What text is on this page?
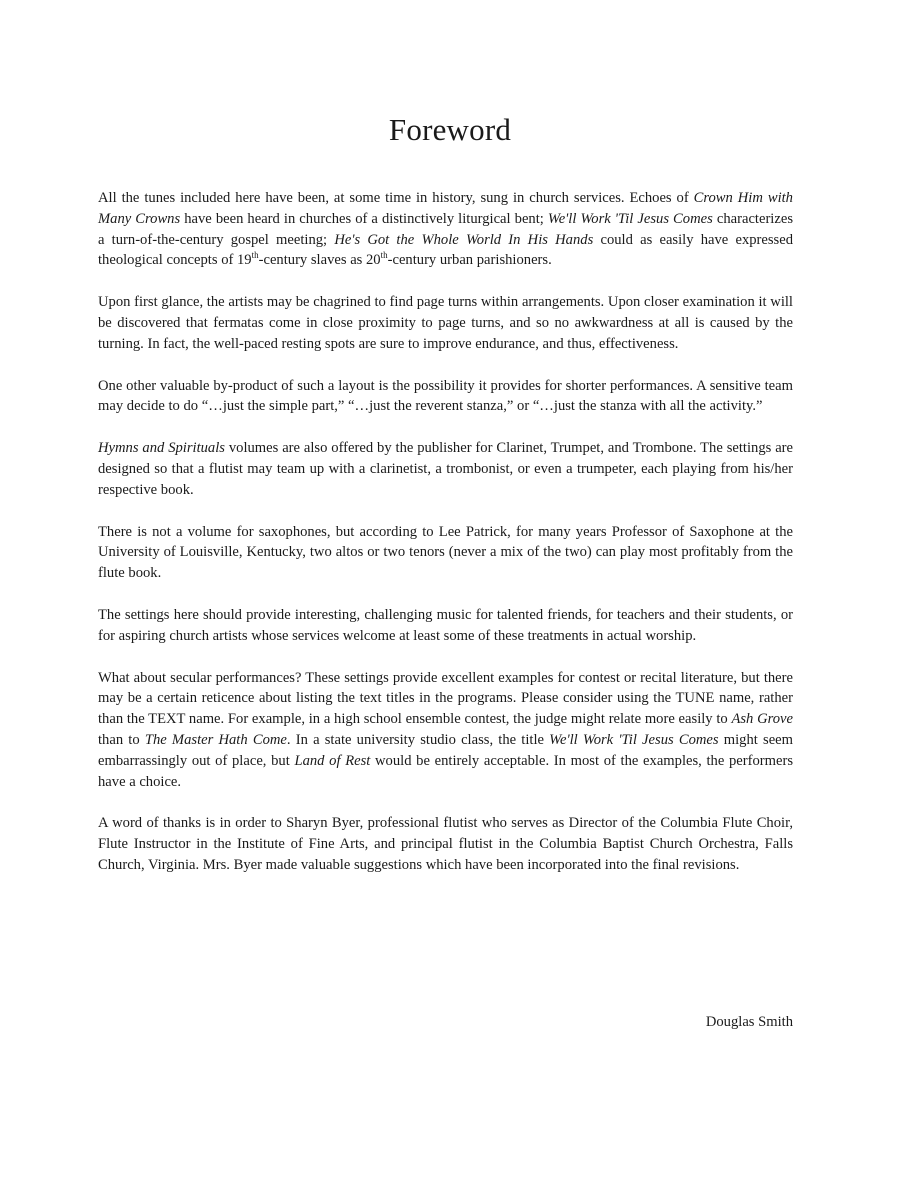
Foreword

All the tunes included here have been, at some time in history, sung in church services. Echoes of Crown Him with Many Crowns have been heard in churches of a distinctively liturgical bent; We'll Work 'Til Jesus Comes characterizes a turn-of-the-century gospel meeting; He's Got the Whole World In His Hands could as easily have expressed theological concepts of 19th-century slaves as 20th-century urban parishioners.

Upon first glance, the artists may be chagrined to find page turns within arrangements. Upon closer examination it will be discovered that fermatas come in close proximity to page turns, and so no awkwardness at all is caused by the turning. In fact, the well-paced resting spots are sure to improve endurance, and thus, effectiveness.

One other valuable by-product of such a layout is the possibility it provides for shorter performances. A sensitive team may decide to do “…just the simple part,” “…just the reverent stanza,” or “…just the stanza with all the activity.”

Hymns and Spirituals volumes are also offered by the publisher for Clarinet, Trumpet, and Trombone. The settings are designed so that a flutist may team up with a clarinetist, a trombonist, or even a trumpeter, each playing from his/her respective book.

There is not a volume for saxophones, but according to Lee Patrick, for many years Professor of Saxophone at the University of Louisville, Kentucky, two altos or two tenors (never a mix of the two) can play most profitably from the flute book.

The settings here should provide interesting, challenging music for talented friends, for teachers and their students, or for aspiring church artists whose services welcome at least some of these treatments in actual worship.

What about secular performances? These settings provide excellent examples for contest or recital literature, but there may be a certain reticence about listing the text titles in the programs. Please consider using the TUNE name, rather than the TEXT name. For example, in a high school ensemble contest, the judge might relate more easily to Ash Grove than to The Master Hath Come. In a state university studio class, the title We'll Work 'Til Jesus Comes might seem embarrassingly out of place, but Land of Rest would be entirely acceptable. In most of the examples, the performers have a choice.

A word of thanks is in order to Sharyn Byer, professional flutist who serves as Director of the Columbia Flute Choir, Flute Instructor in the Institute of Fine Arts, and principal flutist in the Columbia Baptist Church Orchestra, Falls Church, Virginia. Mrs. Byer made valuable suggestions which have been incorporated into the final revisions.

Douglas Smith
